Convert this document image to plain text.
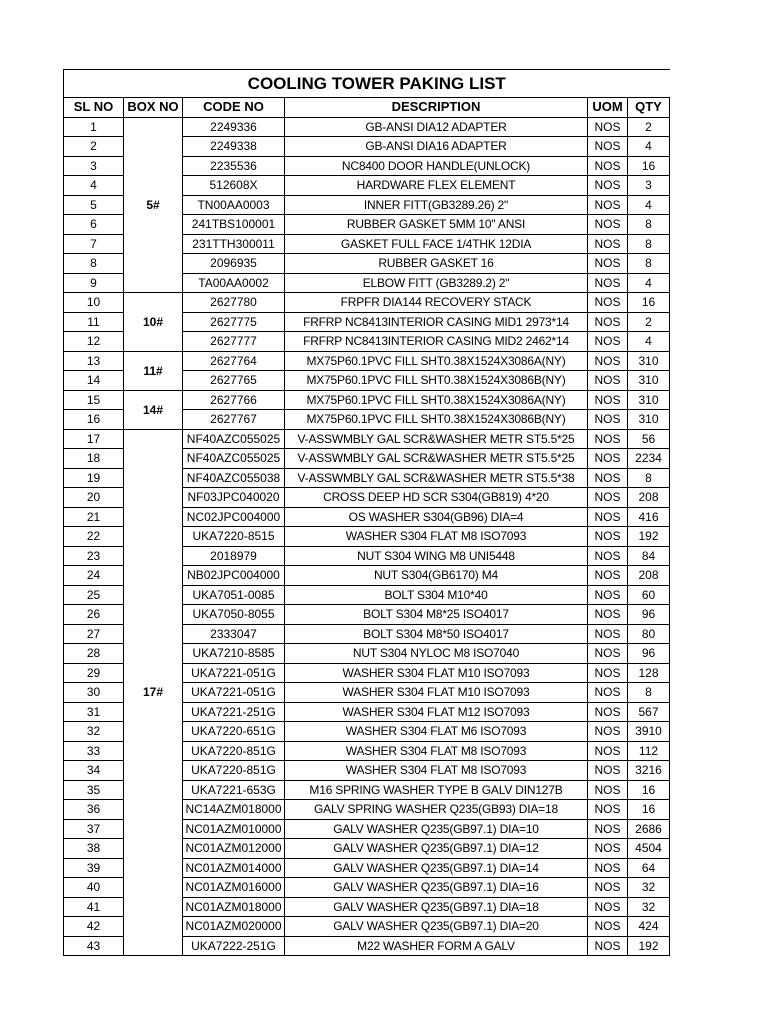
COOLING TOWER PAKING LIST					
SL NO	BOX NO	CODE NO	DESCRIPTION	UOM	QTY
1	5#	2249336	GB-ANSI DIA12 ADAPTER	NOS	2
2		2249338	GB-ANSI DIA16 ADAPTER	NOS	4
3		2235536	NC8400 DOOR HANDLE(UNLOCK)	NOS	16
4		512608X	HARDWARE FLEX ELEMENT	NOS	3
5		TN00AA0003	INNER FITT(GB3289.26) 2"	NOS	4
6		241TBS100001	RUBBER GASKET 5MM 10" ANSI	NOS	8
7		231TTH300011	GASKET FULL FACE 1/4THK 12DIA	NOS	8
8		2096935	RUBBER GASKET 16	NOS	8
9		TA00AA0002	ELBOW FITT (GB3289.2) 2"	NOS	4
10	10#	2627780	FRPFR DIA144 RECOVERY STACK	NOS	16
11		2627775	FRFRP NC8413INTERIOR CASING MID1 2973*14	NOS	2
12		2627777	FRFRP NC8413INTERIOR CASING MID2 2462*14	NOS	4
13	11#	2627764	MX75P60.1PVC FILL SHT0.38X1524X3086A(NY)	NOS	310
14		2627765	MX75P60.1PVC FILL SHT0.38X1524X3086B(NY)	NOS	310
15	14#	2627766	MX75P60.1PVC FILL SHT0.38X1524X3086A(NY)	NOS	310
16		2627767	MX75P60.1PVC FILL SHT0.38X1524X3086B(NY)	NOS	310
17	17#	NF40AZC055025	V-ASSWMBLY GAL SCR&WASHER METR ST5.5*25	NOS	56
18		NF40AZC055025	V-ASSWMBLY GAL SCR&WASHER METR ST5.5*25	NOS	2234
19		NF40AZC055038	V-ASSWMBLY GAL SCR&WASHER METR ST5.5*38	NOS	8
20		NF03JPC040020	CROSS DEEP HD SCR S304(GB819) 4*20	NOS	208
21		NC02JPC004000	OS WASHER S304(GB96) DIA=4	NOS	416
22		UKA7220-8515	WASHER S304 FLAT M8 ISO7093	NOS	192
23		2018979	NUT S304 WING M8 UNI5448	NOS	84
24		NB02JPC004000	NUT S304(GB6170) M4	NOS	208
25		UKA7051-0085	BOLT S304 M10*40	NOS	60
26		UKA7050-8055	BOLT S304 M8*25 ISO4017	NOS	96
27		2333047	BOLT S304 M8*50 ISO4017	NOS	80
28		UKA7210-8585	NUT S304 NYLOC M8 ISO7040	NOS	96
29		UKA7221-051G	WASHER S304 FLAT M10 ISO7093	NOS	128
30		UKA7221-051G	WASHER S304 FLAT M10 ISO7093	NOS	8
31		UKA7221-251G	WASHER S304 FLAT M12 ISO7093	NOS	567
32		UKA7220-651G	WASHER S304 FLAT M6 ISO7093	NOS	3910
33		UKA7220-851G	WASHER S304 FLAT M8 ISO7093	NOS	112
34		UKA7220-851G	WASHER S304 FLAT M8 ISO7093	NOS	3216
35		UKA7221-653G	M16 SPRING WASHER TYPE B GALV DIN127B	NOS	16
36		NC14AZM018000	GALV SPRING WASHER Q235(GB93) DIA=18	NOS	16
37		NC01AZM010000	GALV WASHER Q235(GB97.1) DIA=10	NOS	2686
38		NC01AZM012000	GALV WASHER Q235(GB97.1) DIA=12	NOS	4504
39		NC01AZM014000	GALV WASHER Q235(GB97.1) DIA=14	NOS	64
40		NC01AZM016000	GALV WASHER Q235(GB97.1) DIA=16	NOS	32
41		NC01AZM018000	GALV WASHER Q235(GB97.1) DIA=18	NOS	32
42		NC01AZM020000	GALV WASHER Q235(GB97.1) DIA=20	NOS	424
43		UKA7222-251G	M22 WASHER FORM A GALV	NOS	192
